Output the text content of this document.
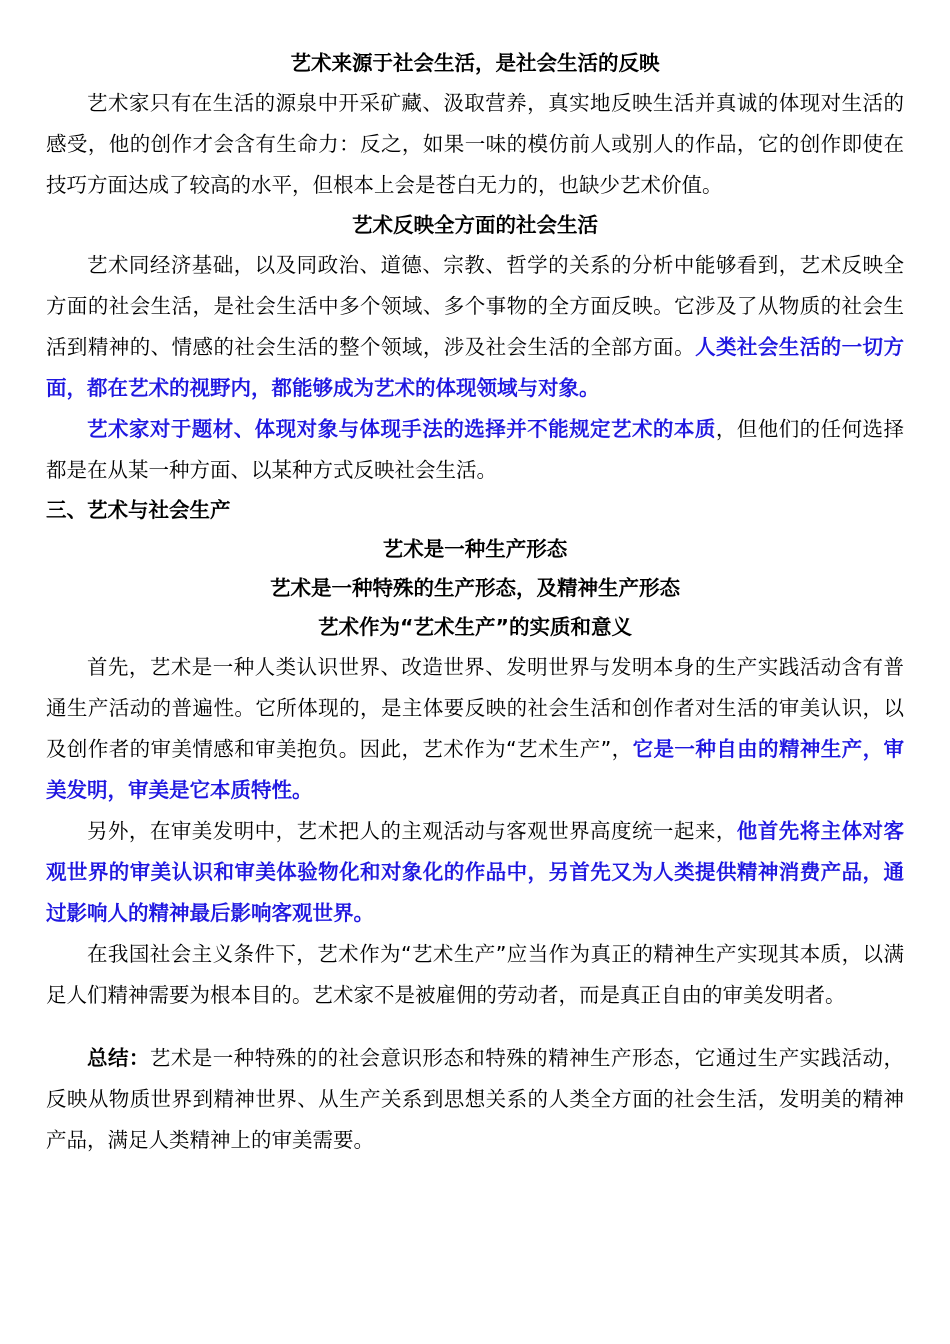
艺术来源于社会生活，是社会生活的反映

艺术家只有在生活的源泉中开采矿藏、汲取营养，真实地反映生活并真诚的体现对生活的感受，他的创作才会含有生命力：反之，如果一味的模仿前人或别人的作品，它的创作即使在技巧方面达成了较高的水平，但根本上会是苍白无力的，也缺少艺术价值。

艺术反映全方面的社会生活

艺术同经济基础，以及同政治、道德、宗教、哲学的关系的分析中能够看到，艺术反映全方面的社会生活，是社会生活中多个领域、多个事物的全方面反映。它涉及了从物质的社会生活到精神的、情感的社会生活的整个领域，涉及社会生活的全部方面。人类社会生活的一切方面，都在艺术的视野内，都能够成为艺术的体现领域与对象。

艺术家对于题材、体现对象与体现手法的选择并不能规定艺术的本质，但他们的任何选择都是在从某一种方面、以某种方式反映社会生活。

三、艺术与社会生产

艺术是一种生产形态

艺术是一种特殊的生产形态，及精神生产形态

艺术作为“艺术生产”的实质和意义

首先，艺术是一种人类认识世界、改造世界、发明世界与发明本身的生产实践活动含有普通生产活动的普遍性。它所体现的，是主体要反映的社会生活和创作者对生活的审美认识，以及创作者的审美情感和审美抱负。因此，艺术作为“艺术生产”，它是一种自由的精神生产，审美发明，审美是它本质特性。

另外，在审美发明中，艺术把人的主观活动与客观世界高度统一起来，他首先将主体对客观世界的审美认识和审美体验物化和对象化的作品中，另首先又为人类提供精神消费产品，通过影响人的精神最后影响客观世界。

在我国社会主义条件下，艺术作为“艺术生产”应当作为真正的精神生产实现其本质，以满足人们精神需要为根本目的。艺术家不是被雇佣的劳动者，而是真正自由的审美发明者。

总结：艺术是一种特殊的的社会意识形态和特殊的精神生产形态，它通过生产实践活动，反映从物质世界到精神世界、从生产关系到思想关系的人类全方面的社会生活，发明美的精神产品，满足人类精神上的审美需要。
